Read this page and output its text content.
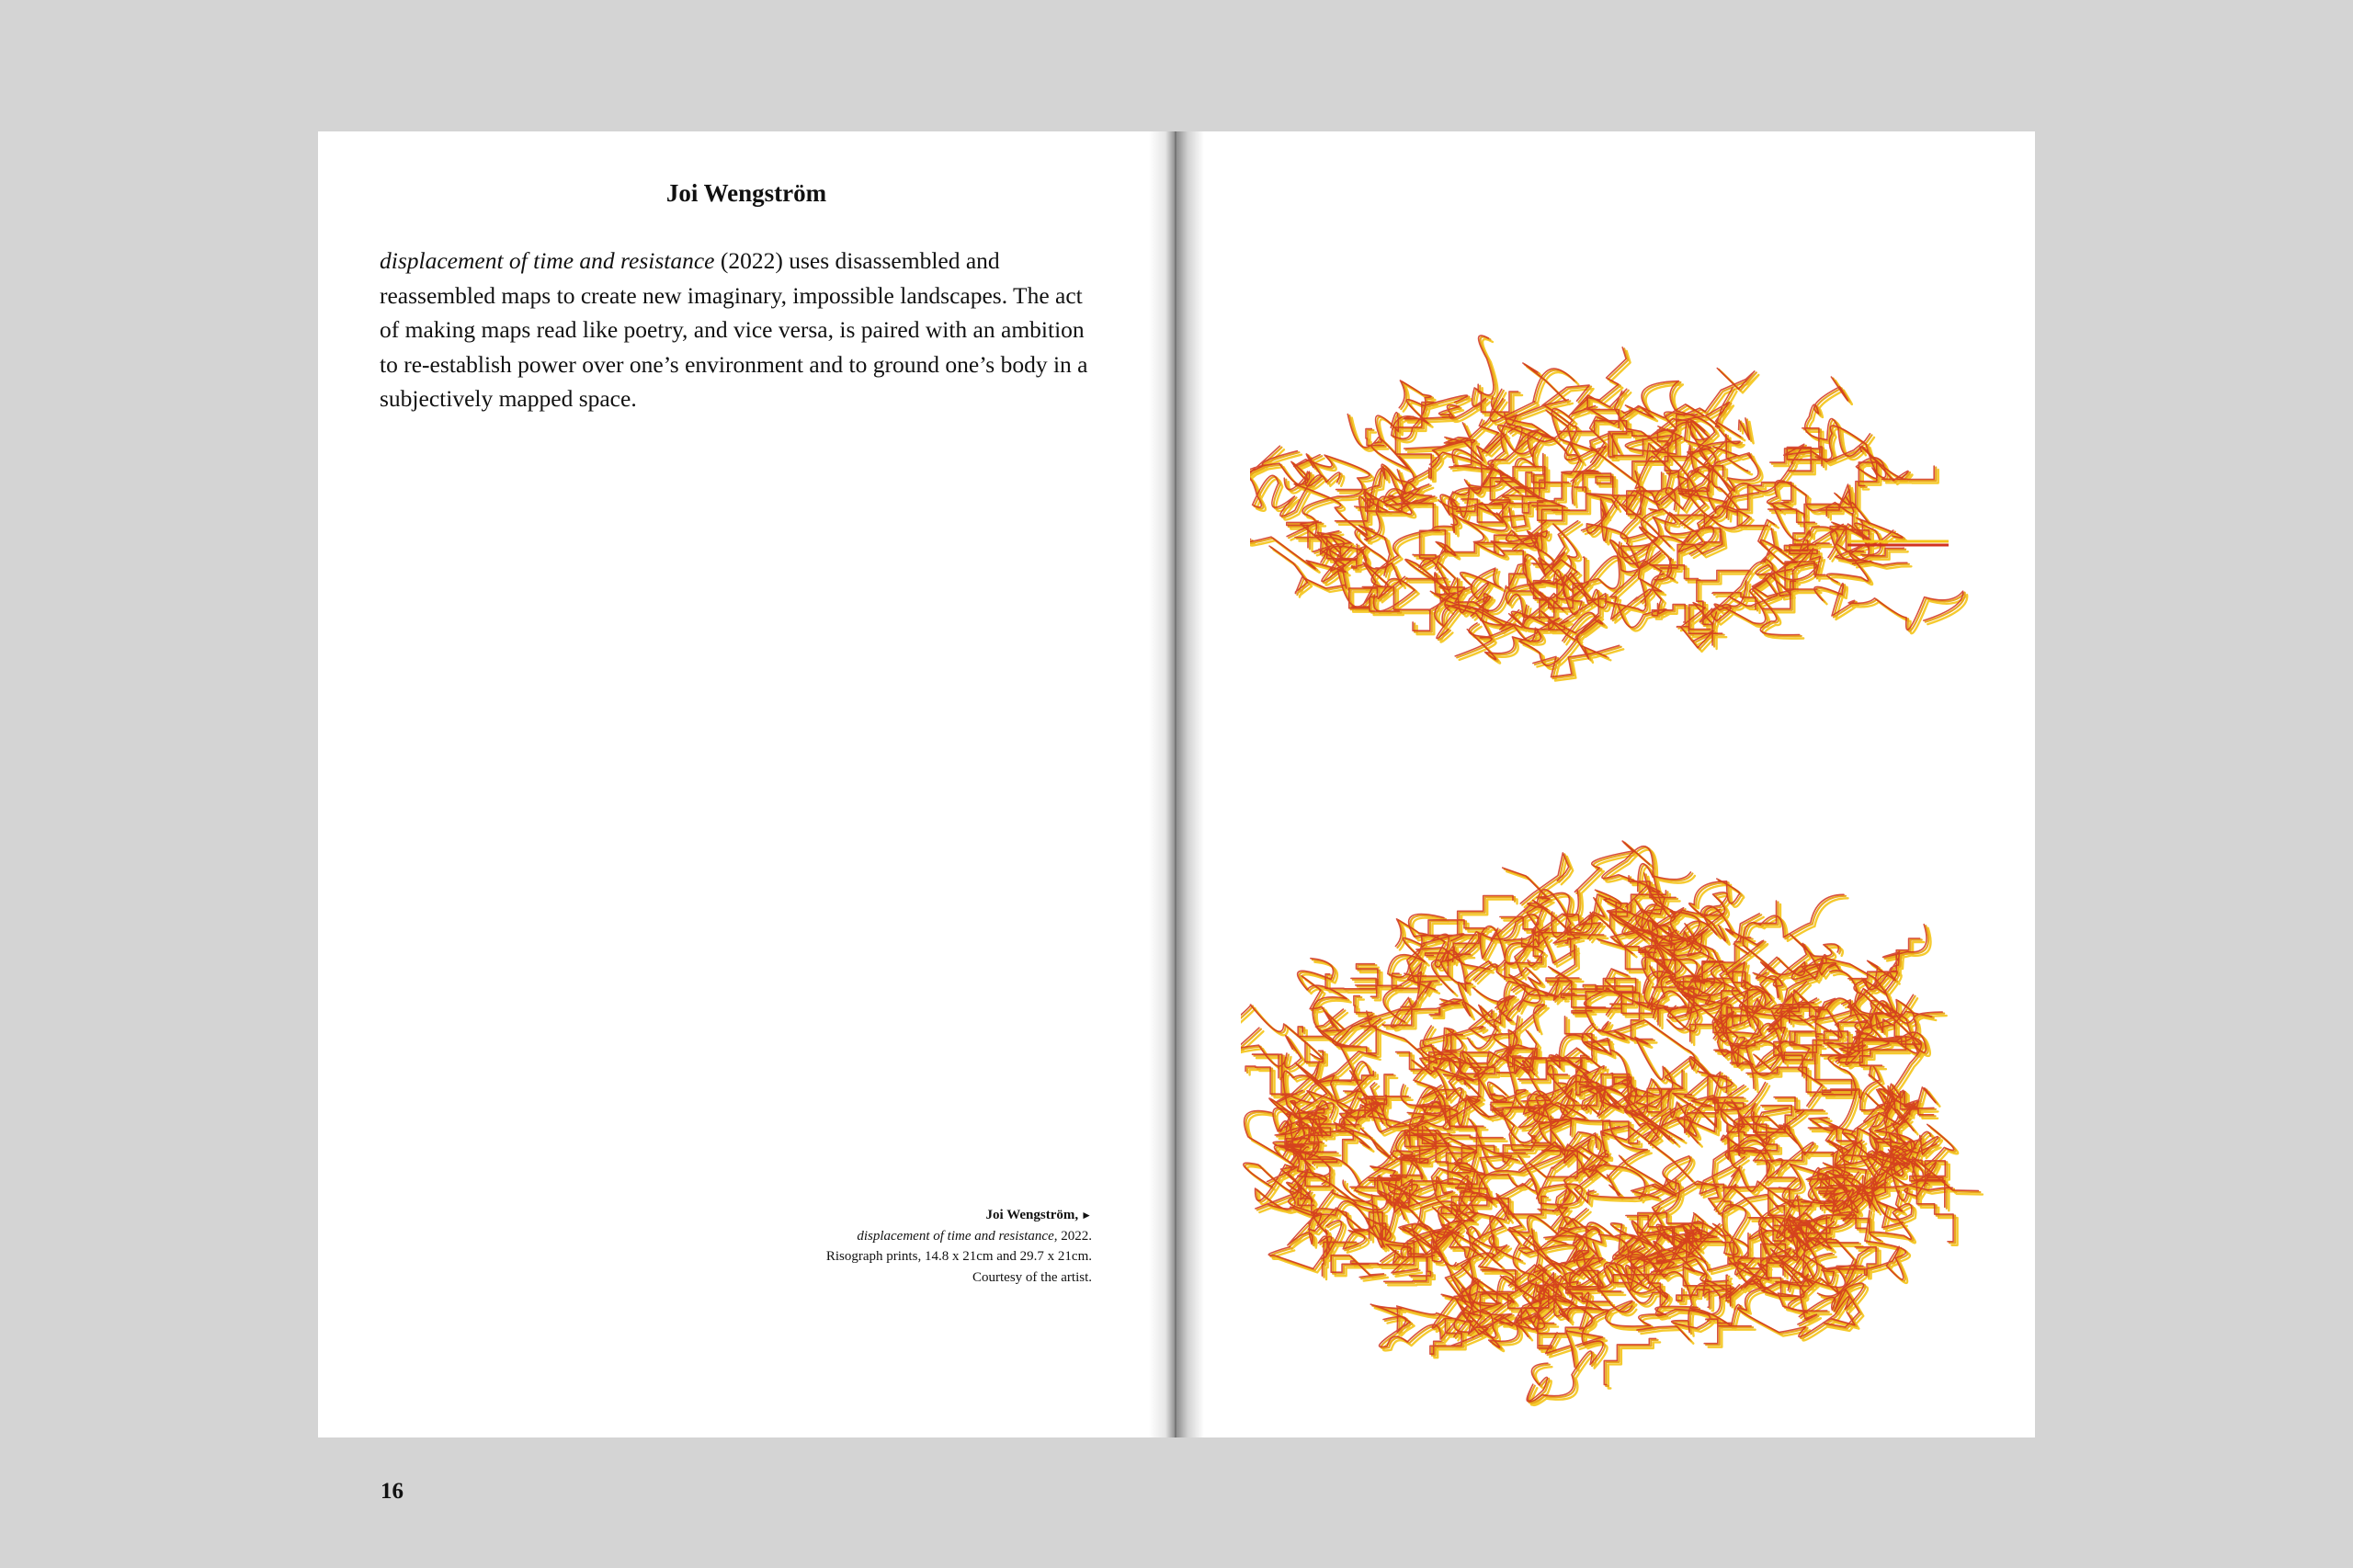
Joi Wengström

displacement of time and resistance (2022) uses disassembled and reassembled maps to create new imaginary, impossible landscapes. The act of making maps read like poetry, and vice versa, is paired with an ambition to re-establish power over one’s environment and to ground one’s body in a subjectively mapped space.

Joi Wengström, ►
displacement of time and resistance, 2022.
Risograph prints, 14.8 x 21cm and 29.7 x 21cm.
Courtesy of the artist.
16
